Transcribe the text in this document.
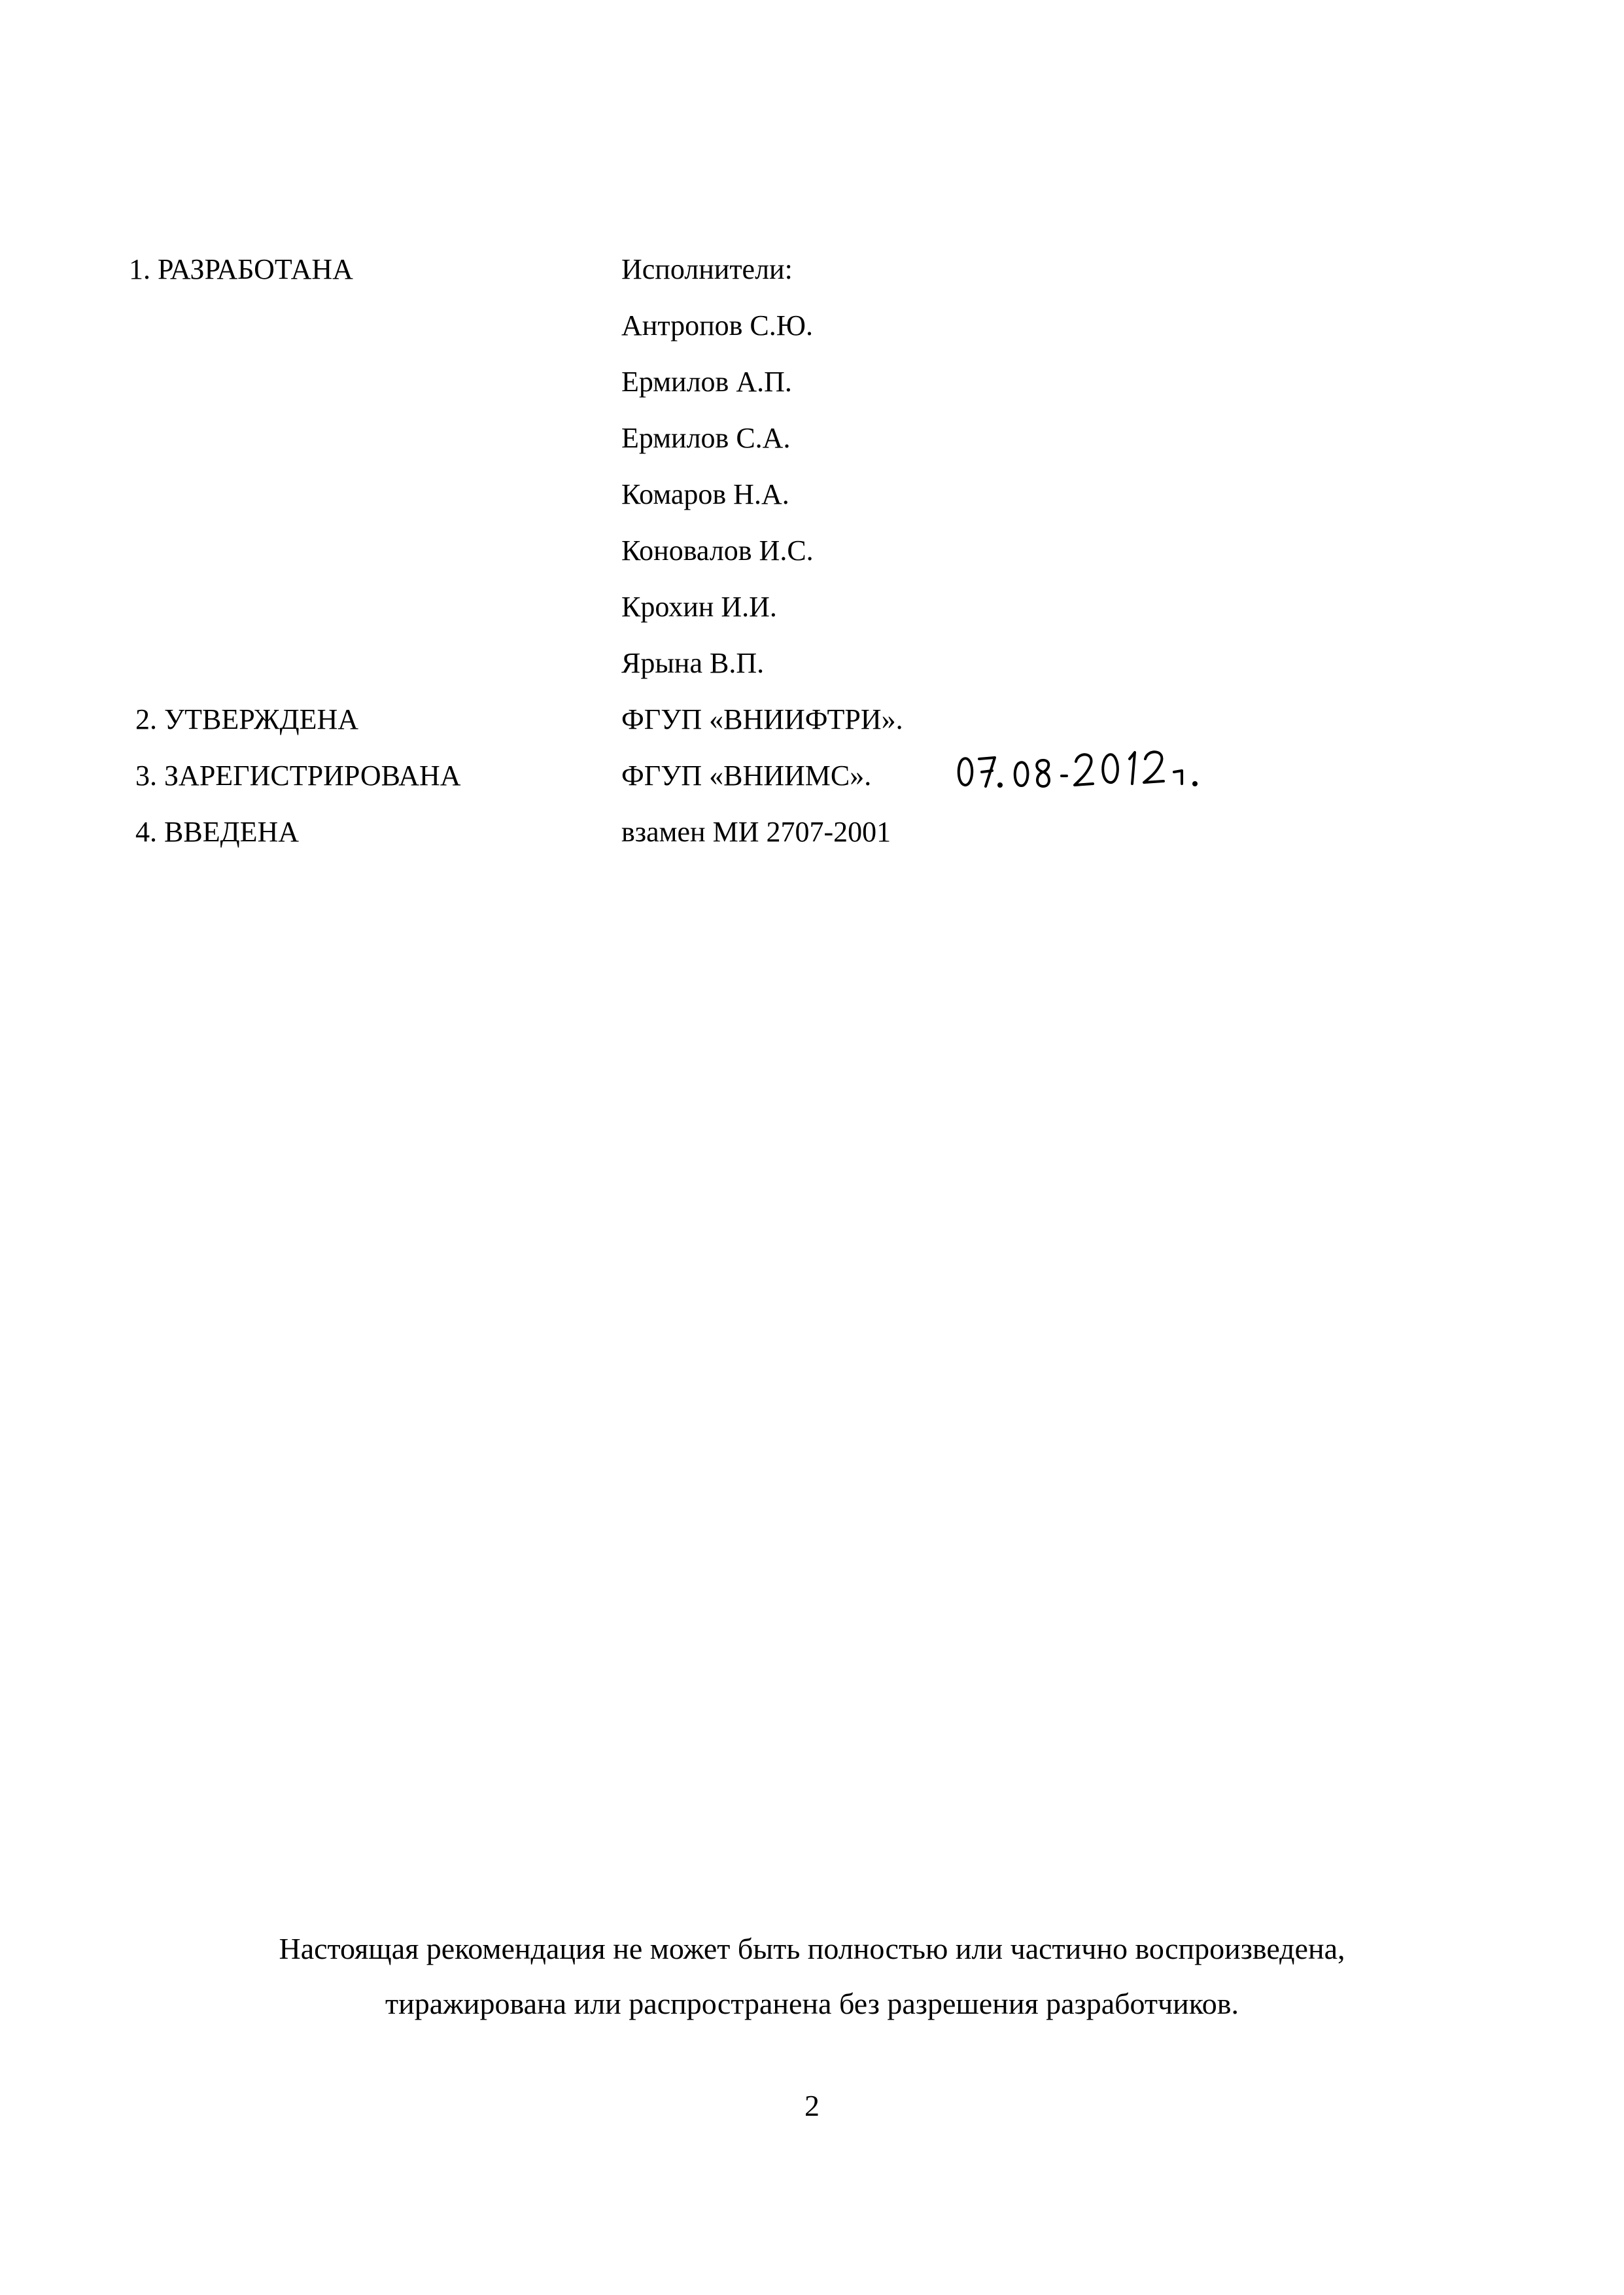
1. РАЗРАБОТАНА	Исполнители:
Антропов С.Ю.
Ермилов А.П.
Ермилов С.А.
Комаров Н.А.
Коновалов И.С.
Крохин И.И.
Ярына В.П.
2. УТВЕРЖДЕНА	ФГУП «ВНИИФТРИ».
3. ЗАРЕГИСТРИРОВАНА	ФГУП «ВНИИМС».
4. ВВЕДЕНА	взамен МИ 2707-2001
Настоящая рекомендация не может быть полностью или частично воспроизведена,
тиражирована или распространена без разрешения разработчиков.
2
